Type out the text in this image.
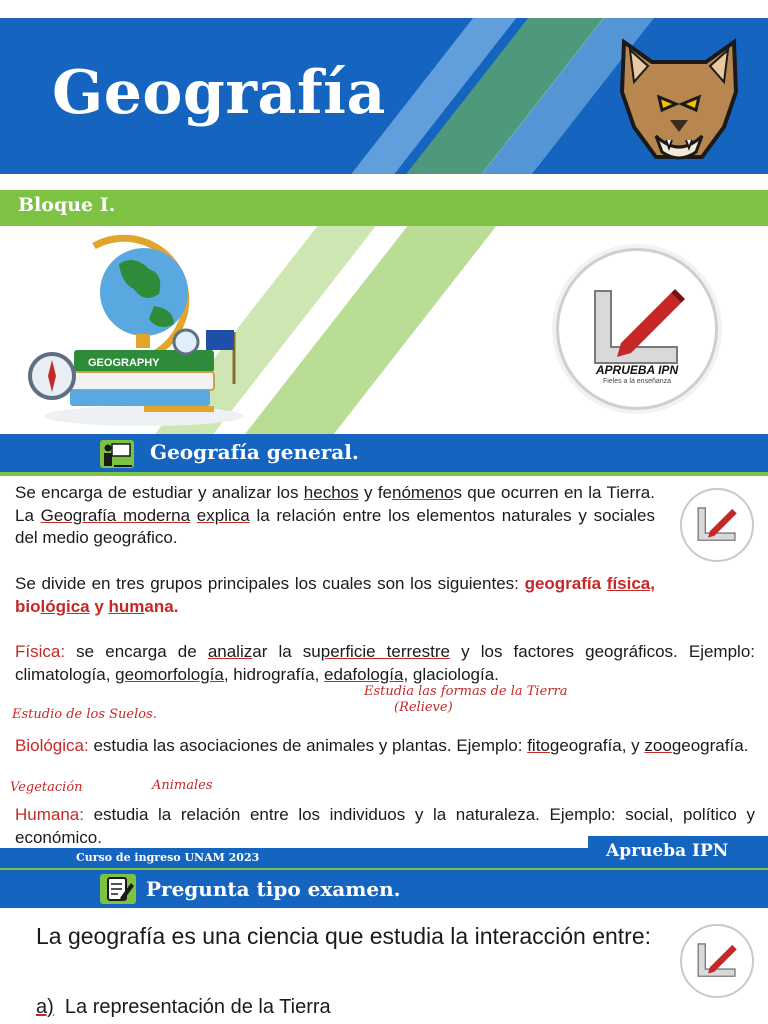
Geografía
Bloque I.
GEOGRAPHY	APRUEBA IPN
Fieles a la enseñanza
Geografía general.
Se encarga de estudiar y analizar los hechos y fenómenos que ocurren en la Tierra. La Geografía moderna explica la relación entre los elementos naturales y sociales del medio geográfico.
Se divide en tres grupos principales los cuales son los siguientes: geografía física, biológica y humana.
Física: se encarga de analizar la superficie terrestre y los factores geográficos. Ejemplo: climatología, geomorfología, hidrografía, edafología, glaciología.
Estudia las formas de la Tierra
(Relieve)
Estudio de los Suelos.
Biológica: estudia las asociaciones de animales y plantas. Ejemplo: fitogeografía, y zoogeografía.
Vegetación	Animales
Humana: estudia la relación entre los individuos y la naturaleza. Ejemplo: social, político y económico.
Curso de ingreso UNAM 2023	Aprueba IPN
Pregunta tipo examen.
La geografía es una ciencia que estudia la interacción entre:
a) La representación de la Tierra
